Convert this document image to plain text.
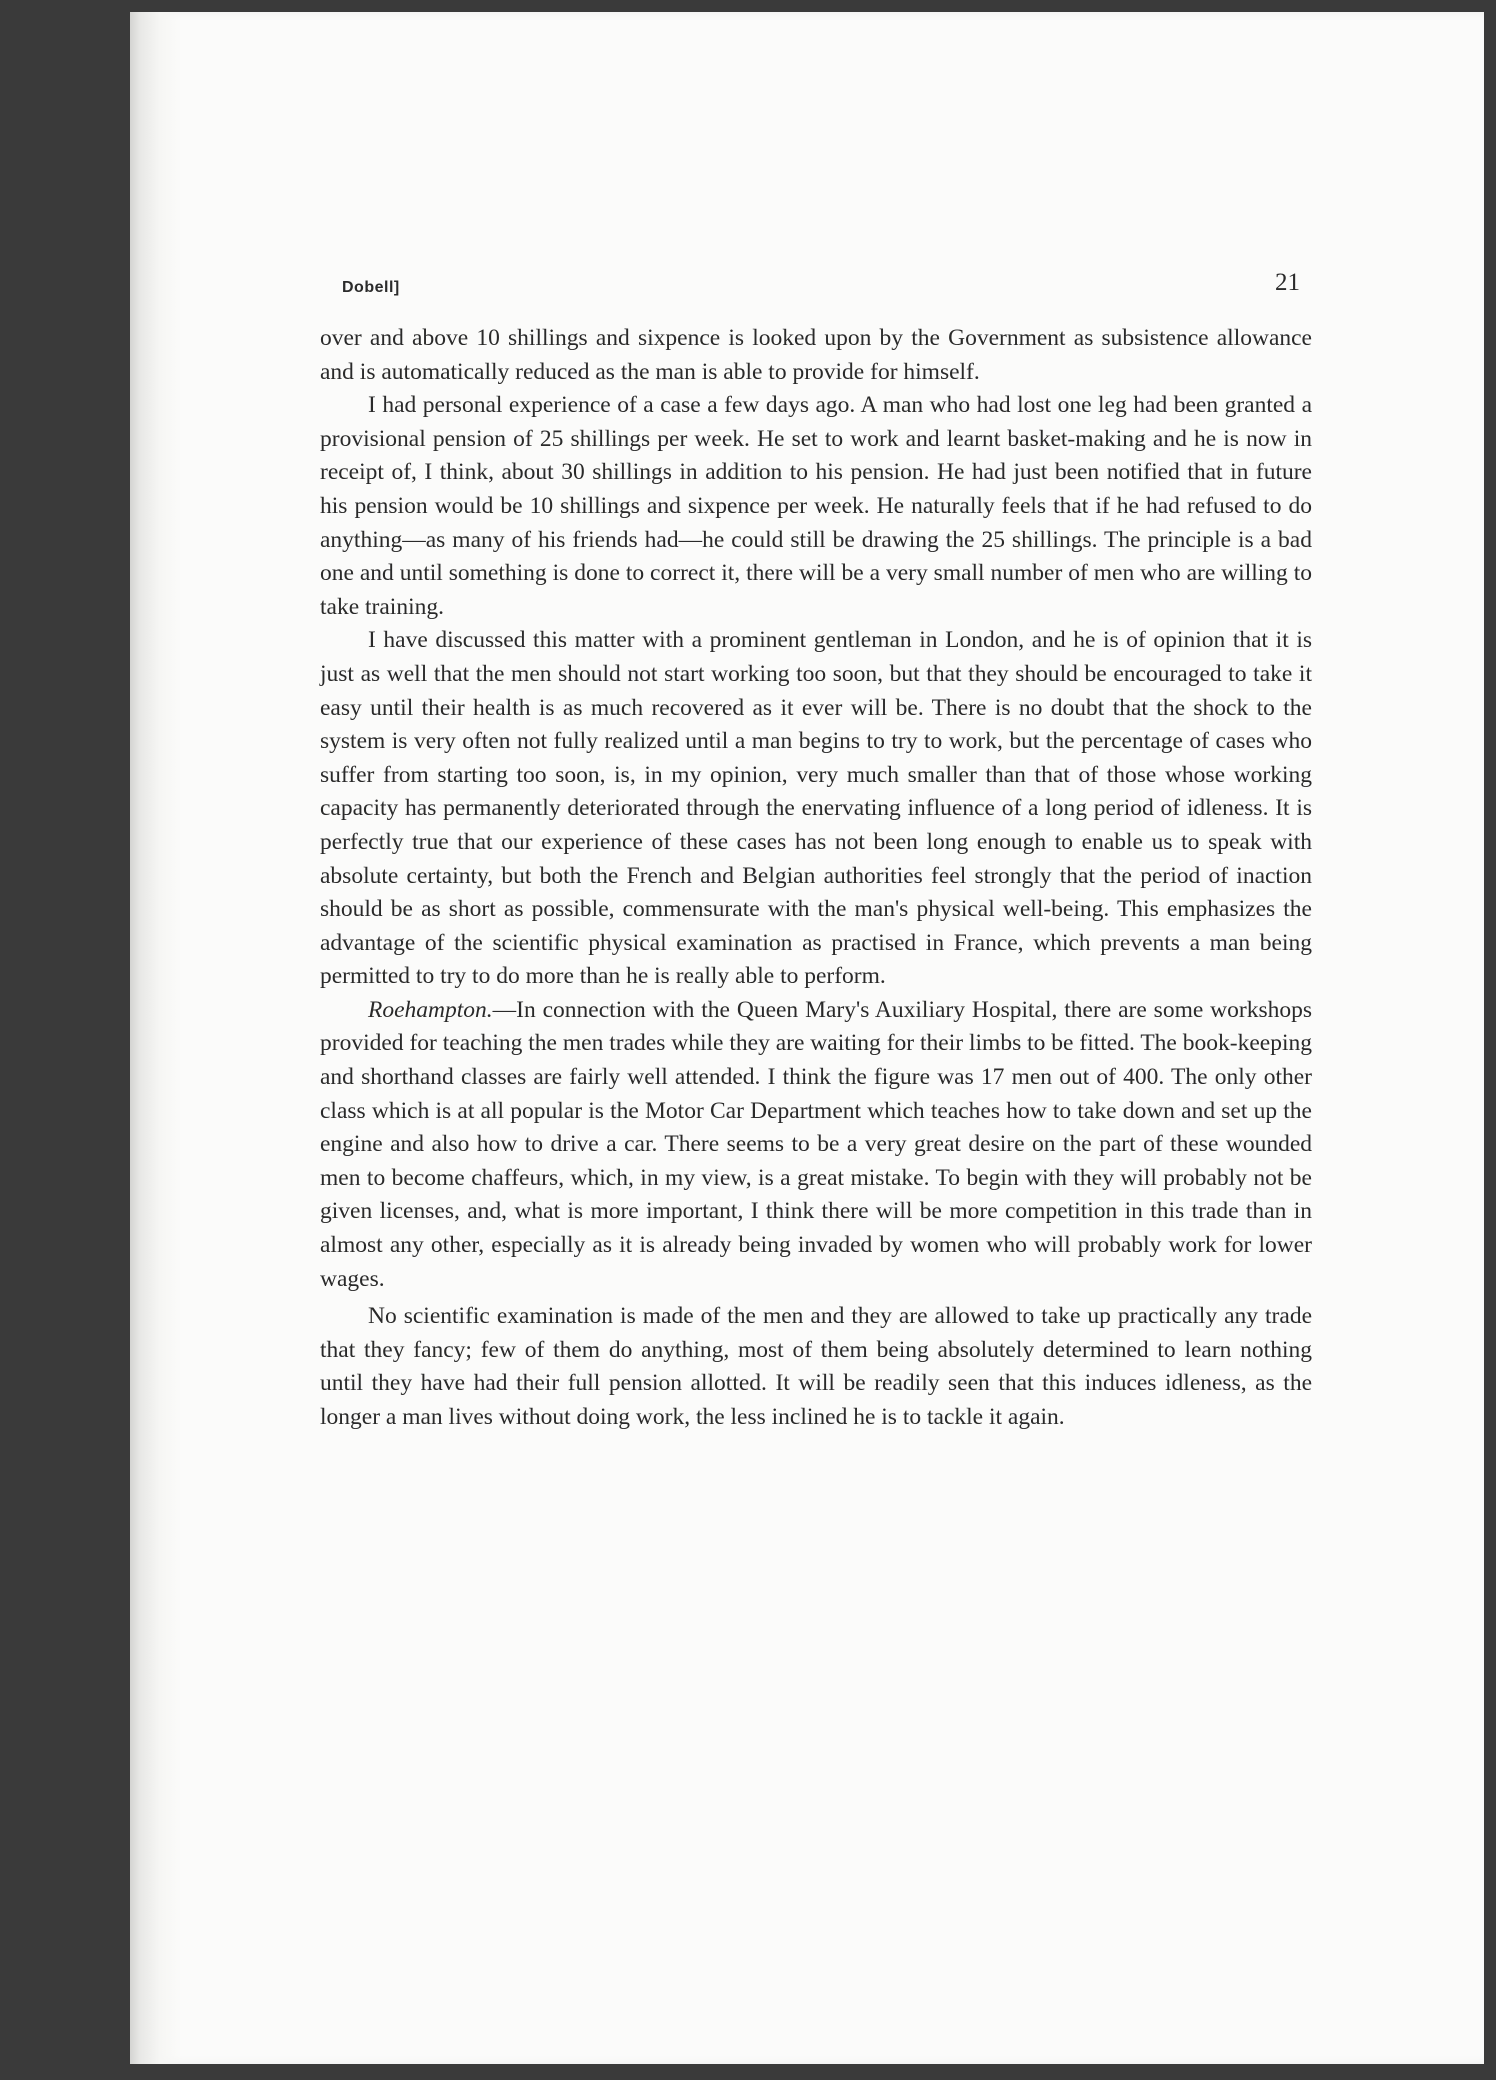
Dobell]	21

over and above 10 shillings and sixpence is looked upon by the Government as subsistence allowance and is automatically reduced as the man is able to provide for himself.

I had personal experience of a case a few days ago. A man who had lost one leg had been granted a provisional pension of 25 shillings per week. He set to work and learnt basket-making and he is now in receipt of, I think, about 30 shillings in addition to his pension. He had just been notified that in future his pension would be 10 shillings and sixpence per week. He naturally feels that if he had refused to do anything—as many of his friends had—he could still be drawing the 25 shillings. The principle is a bad one and until something is done to correct it, there will be a very small number of men who are willing to take training.

I have discussed this matter with a prominent gentleman in London, and he is of opinion that it is just as well that the men should not start working too soon, but that they should be encouraged to take it easy until their health is as much recovered as it ever will be. There is no doubt that the shock to the system is very often not fully realized until a man begins to try to work, but the percentage of cases who suffer from starting too soon, is, in my opinion, very much smaller than that of those whose working capacity has permanently deteriorated through the enervating influence of a long period of idleness. It is perfectly true that our experience of these cases has not been long enough to enable us to speak with absolute certainty, but both the French and Belgian authorities feel strongly that the period of inaction should be as short as possible, commensurate with the man's physical well-being. This emphasizes the advantage of the scientific physical examination as practised in France, which prevents a man being permitted to try to do more than he is really able to perform.

Roehampton.—In connection with the Queen Mary's Auxiliary Hospital, there are some workshops provided for teaching the men trades while they are waiting for their limbs to be fitted. The book-keeping and shorthand classes are fairly well attended. I think the figure was 17 men out of 400. The only other class which is at all popular is the Motor Car Department which teaches how to take down and set up the engine and also how to drive a car. There seems to be a very great desire on the part of these wounded men to become chaffeurs, which, in my view, is a great mistake. To begin with they will probably not be given licenses, and, what is more important, I think there will be more competition in this trade than in almost any other, especially as it is already being invaded by women who will probably work for lower wages.

No scientific examination is made of the men and they are allowed to take up practically any trade that they fancy; few of them do anything, most of them being absolutely determined to learn nothing until they have had their full pension allotted. It will be readily seen that this induces idleness, as the longer a man lives without doing work, the less inclined he is to tackle it again.
